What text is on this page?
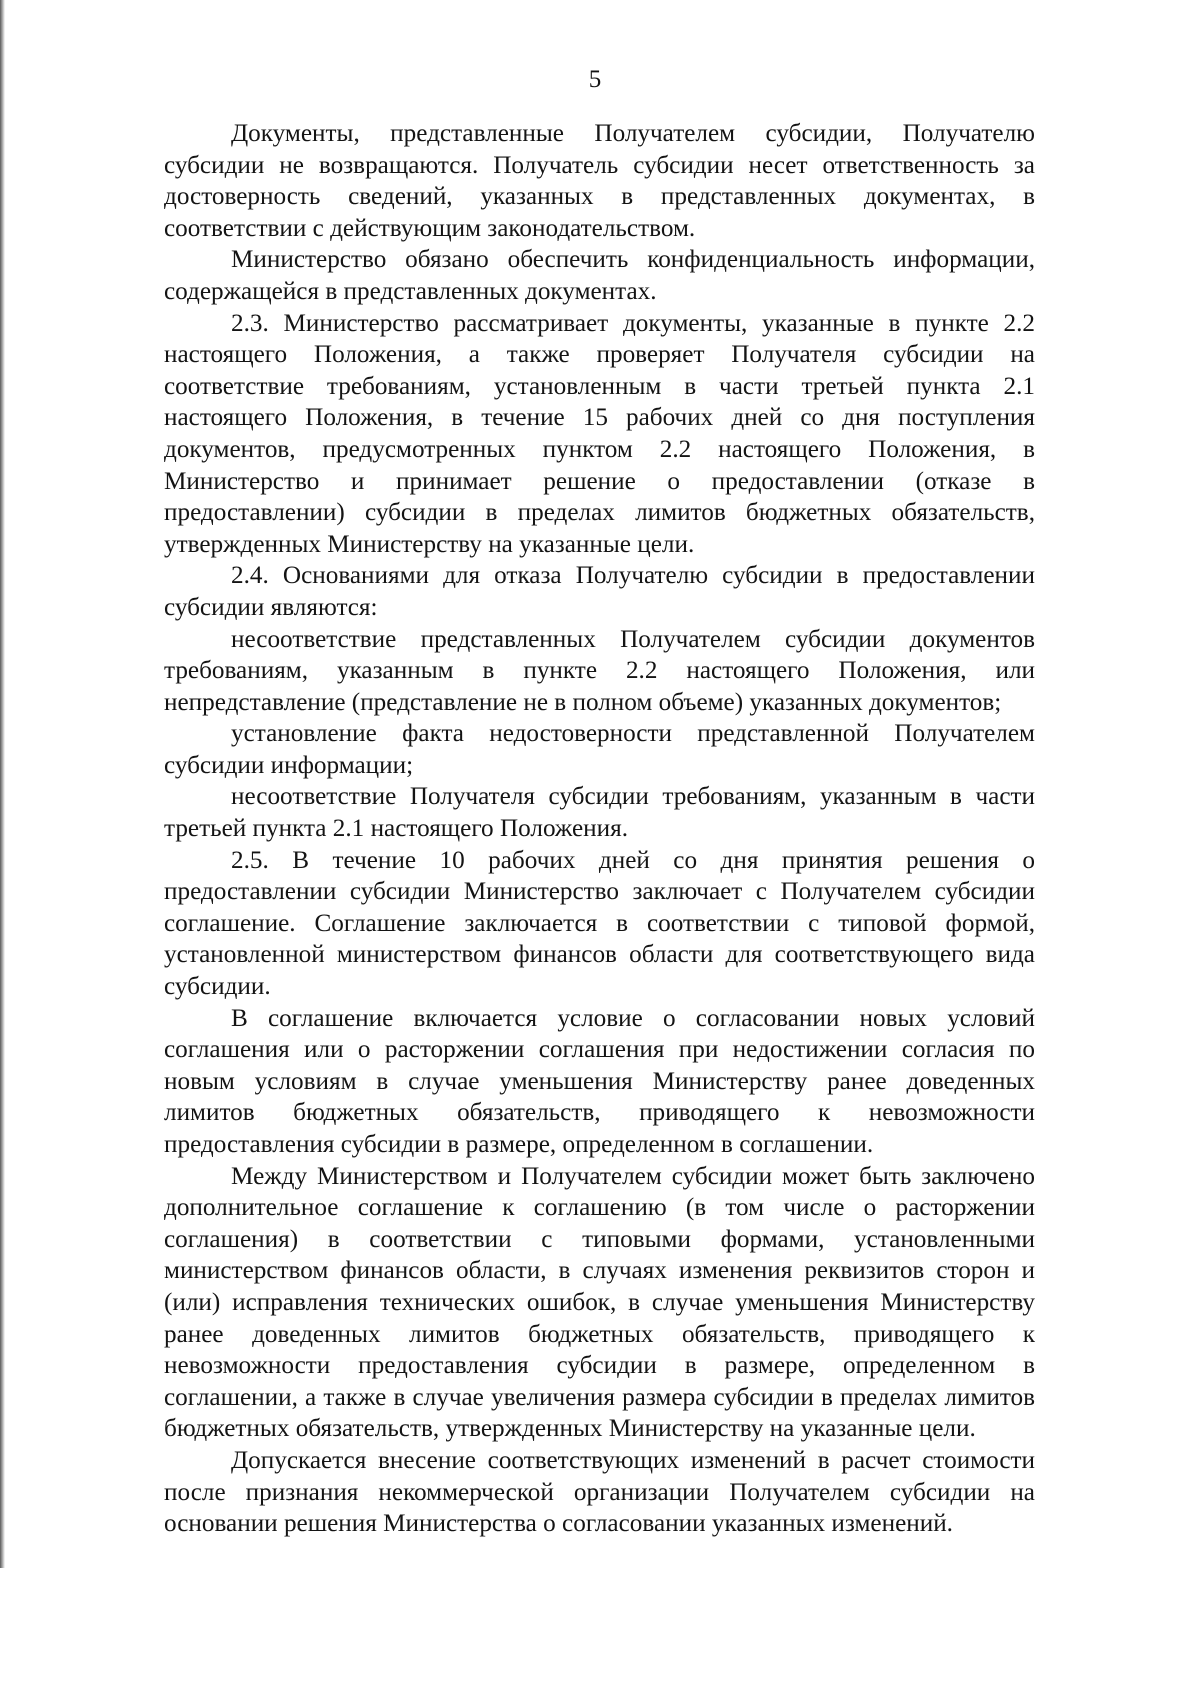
5

Документы, представленные Получателем субсидии, Получателю субсидии не возвращаются. Получатель субсидии несет ответственность за достоверность сведений, указанных в представленных документах, в соответствии с действующим законодательством.

Министерство обязано обеспечить конфиденциальность информации, содержащейся в представленных документах.

2.3. Министерство рассматривает документы, указанные в пункте 2.2 настоящего Положения, а также проверяет Получателя субсидии на соответствие требованиям, установленным в части третьей пункта 2.1 настоящего Положения, в течение 15 рабочих дней со дня поступления документов, предусмотренных пунктом 2.2 настоящего Положения, в Министерство и принимает решение о предоставлении (отказе в предоставлении) субсидии в пределах лимитов бюджетных обязательств, утвержденных Министерству на указанные цели.

2.4. Основаниями для отказа Получателю субсидии в предоставлении субсидии являются:

несоответствие представленных Получателем субсидии документов требованиям, указанным в пункте 2.2 настоящего Положения, или непредставление (представление не в полном объеме) указанных документов;

установление факта недостоверности представленной Получателем субсидии информации;

несоответствие Получателя субсидии требованиям, указанным в части третьей пункта 2.1 настоящего Положения.

2.5. В течение 10 рабочих дней со дня принятия решения о предоставлении субсидии Министерство заключает с Получателем субсидии соглашение. Соглашение заключается в соответствии с типовой формой, установленной министерством финансов области для соответствующего вида субсидии.

В соглашение включается условие о согласовании новых условий соглашения или о расторжении соглашения при недостижении согласия по новым условиям в случае уменьшения Министерству ранее доведенных лимитов бюджетных обязательств, приводящего к невозможности предоставления субсидии в размере, определенном в соглашении.

Между Министерством и Получателем субсидии может быть заключено дополнительное соглашение к соглашению (в том числе о расторжении соглашения) в соответствии с типовыми формами, установленными министерством финансов области, в случаях изменения реквизитов сторон и (или) исправления технических ошибок, в случае уменьшения Министерству ранее доведенных лимитов бюджетных обязательств, приводящего к невозможности предоставления субсидии в размере, определенном в соглашении, а также в случае увеличения размера субсидии в пределах лимитов бюджетных обязательств, утвержденных Министерству на указанные цели.

Допускается внесение соответствующих изменений в расчет стоимости после признания некоммерческой организации Получателем субсидии на основании решения Министерства о согласовании указанных изменений.
